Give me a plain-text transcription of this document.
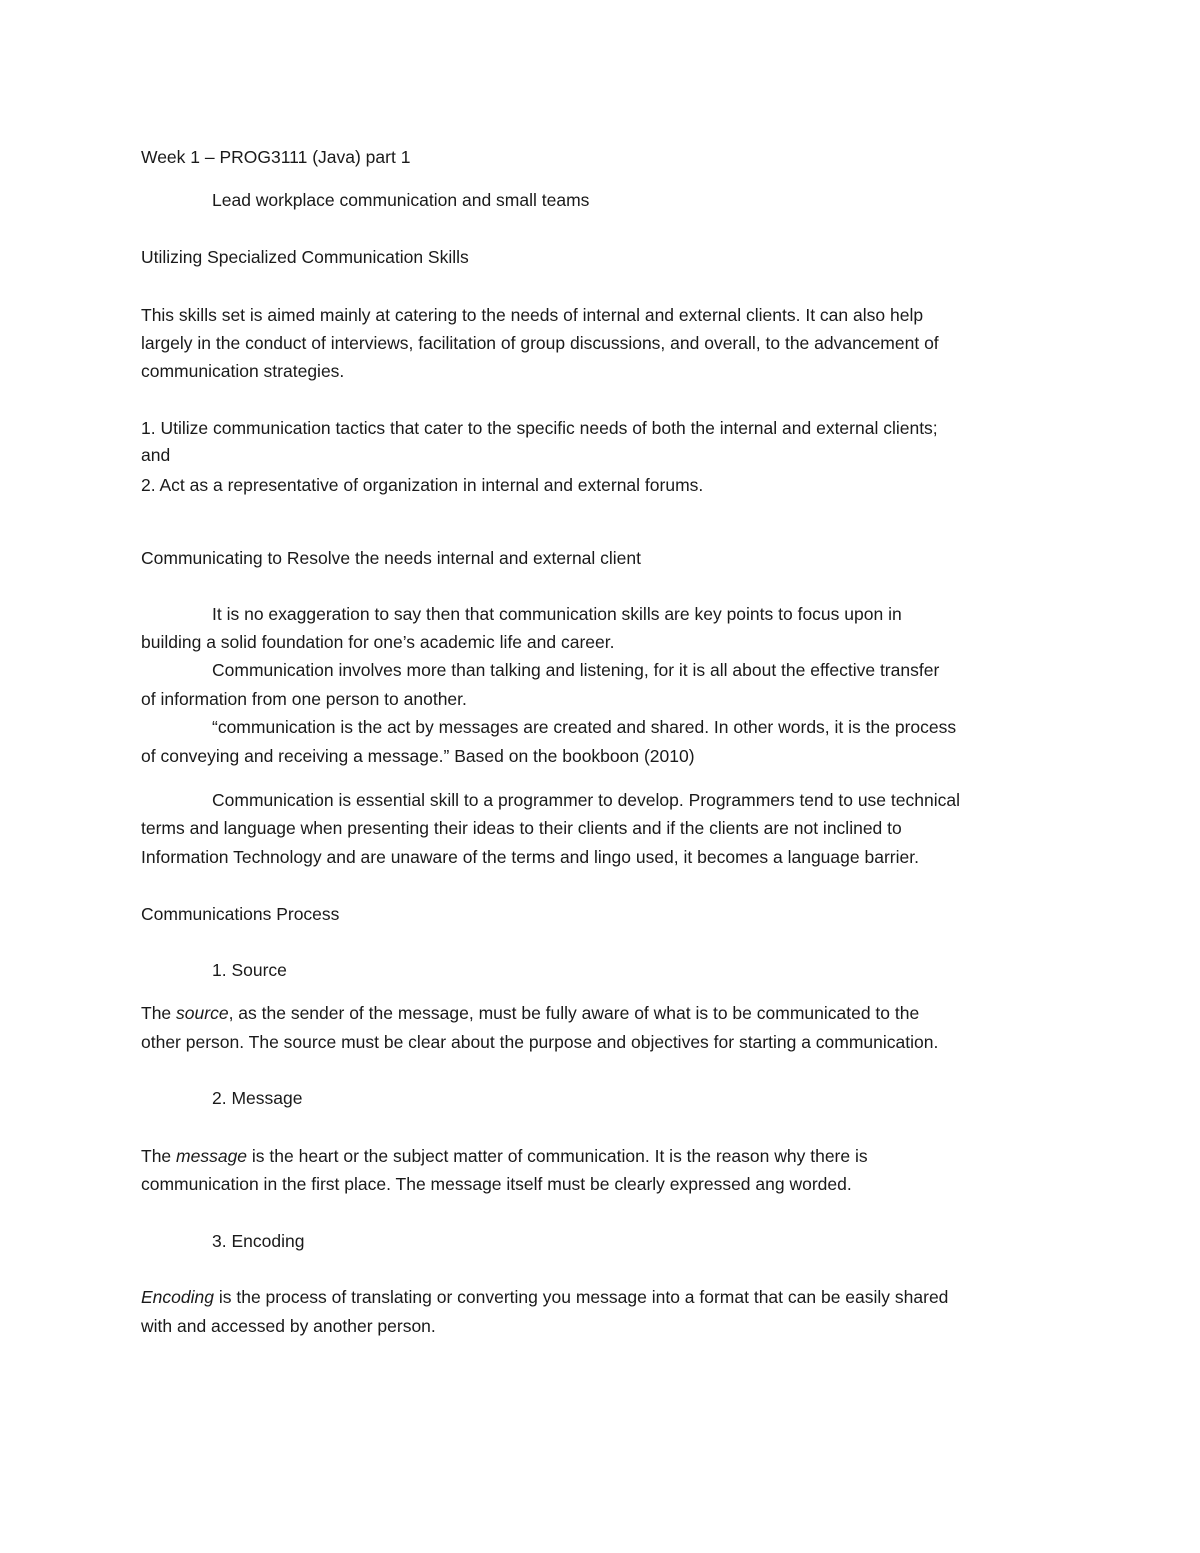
Week 1 – PROG3111 (Java) part 1
Lead workplace communication and small teams
Utilizing Specialized Communication Skills
This skills set is aimed mainly at catering to the needs of internal and external clients. It can also help
largely in the conduct of interviews, facilitation of group discussions, and overall, to the advancement of
communication strategies.
1. Utilize communication tactics that cater to the specific needs of both the internal and external clients;
and
2. Act as a representative of organization in internal and external forums.
Communicating to Resolve the needs internal and external client
It is no exaggeration to say then that communication skills are key points to focus upon in
building a solid foundation for one’s academic life and career.
Communication involves more than talking and listening, for it is all about the effective transfer
of information from one person to another.
“communication is the act by messages are created and shared. In other words, it is the process
of conveying and receiving a message.” Based on the bookboon (2010)
Communication is essential skill to a programmer to develop. Programmers tend to use technical
terms and language when presenting their ideas to their clients and if the clients are not inclined to
Information Technology and are unaware of the terms and lingo used, it becomes a language barrier.
Communications Process
1. Source
The source, as the sender of the message, must be fully aware of what is to be communicated to the
other person. The source must be clear about the purpose and objectives for starting a communication.
2. Message
The message is the heart or the subject matter of communication. It is the reason why there is
communication in the first place. The message itself must be clearly expressed ang worded.
3. Encoding
Encoding is the process of translating or converting you message into a format that can be easily shared
with and accessed by another person.
